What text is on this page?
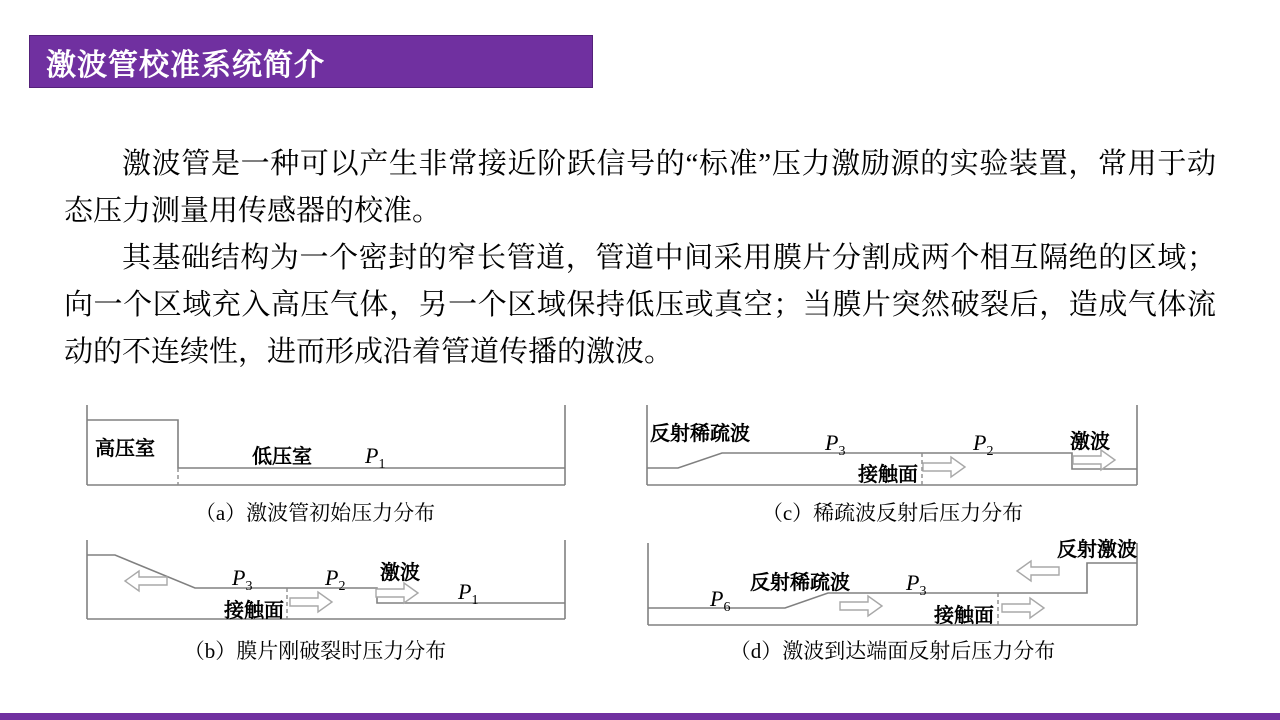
激波管校准系统简介

激波管是一种可以产生非常接近阶跃信号的“标准”压力激励源的实验装置，常用于动态压力测量用传感器的校准。

其基础结构为一个密封的窄长管道，管道中间采用膜片分割成两个相互隔绝的区域；向一个区域充入高压气体，另一个区域保持低压或真空；当膜片突然破裂后，造成气体流动的不连续性，进而形成沿着管道传播的激波。

高压室	低压室 $P_1$
（a）激波管初始压力分布
$P_3$	$P_2$
激波
$P_1$
接触面
（b）膜片刚破裂时压力分布
反射稀疏波	$P_3$
接触面
$P_2$	激波
（c）稀疏波反射后压力分布
$P_6$
反射稀疏波	$P_3$
接触面
反射激波
（d）激波到达端面反射后压力分布
